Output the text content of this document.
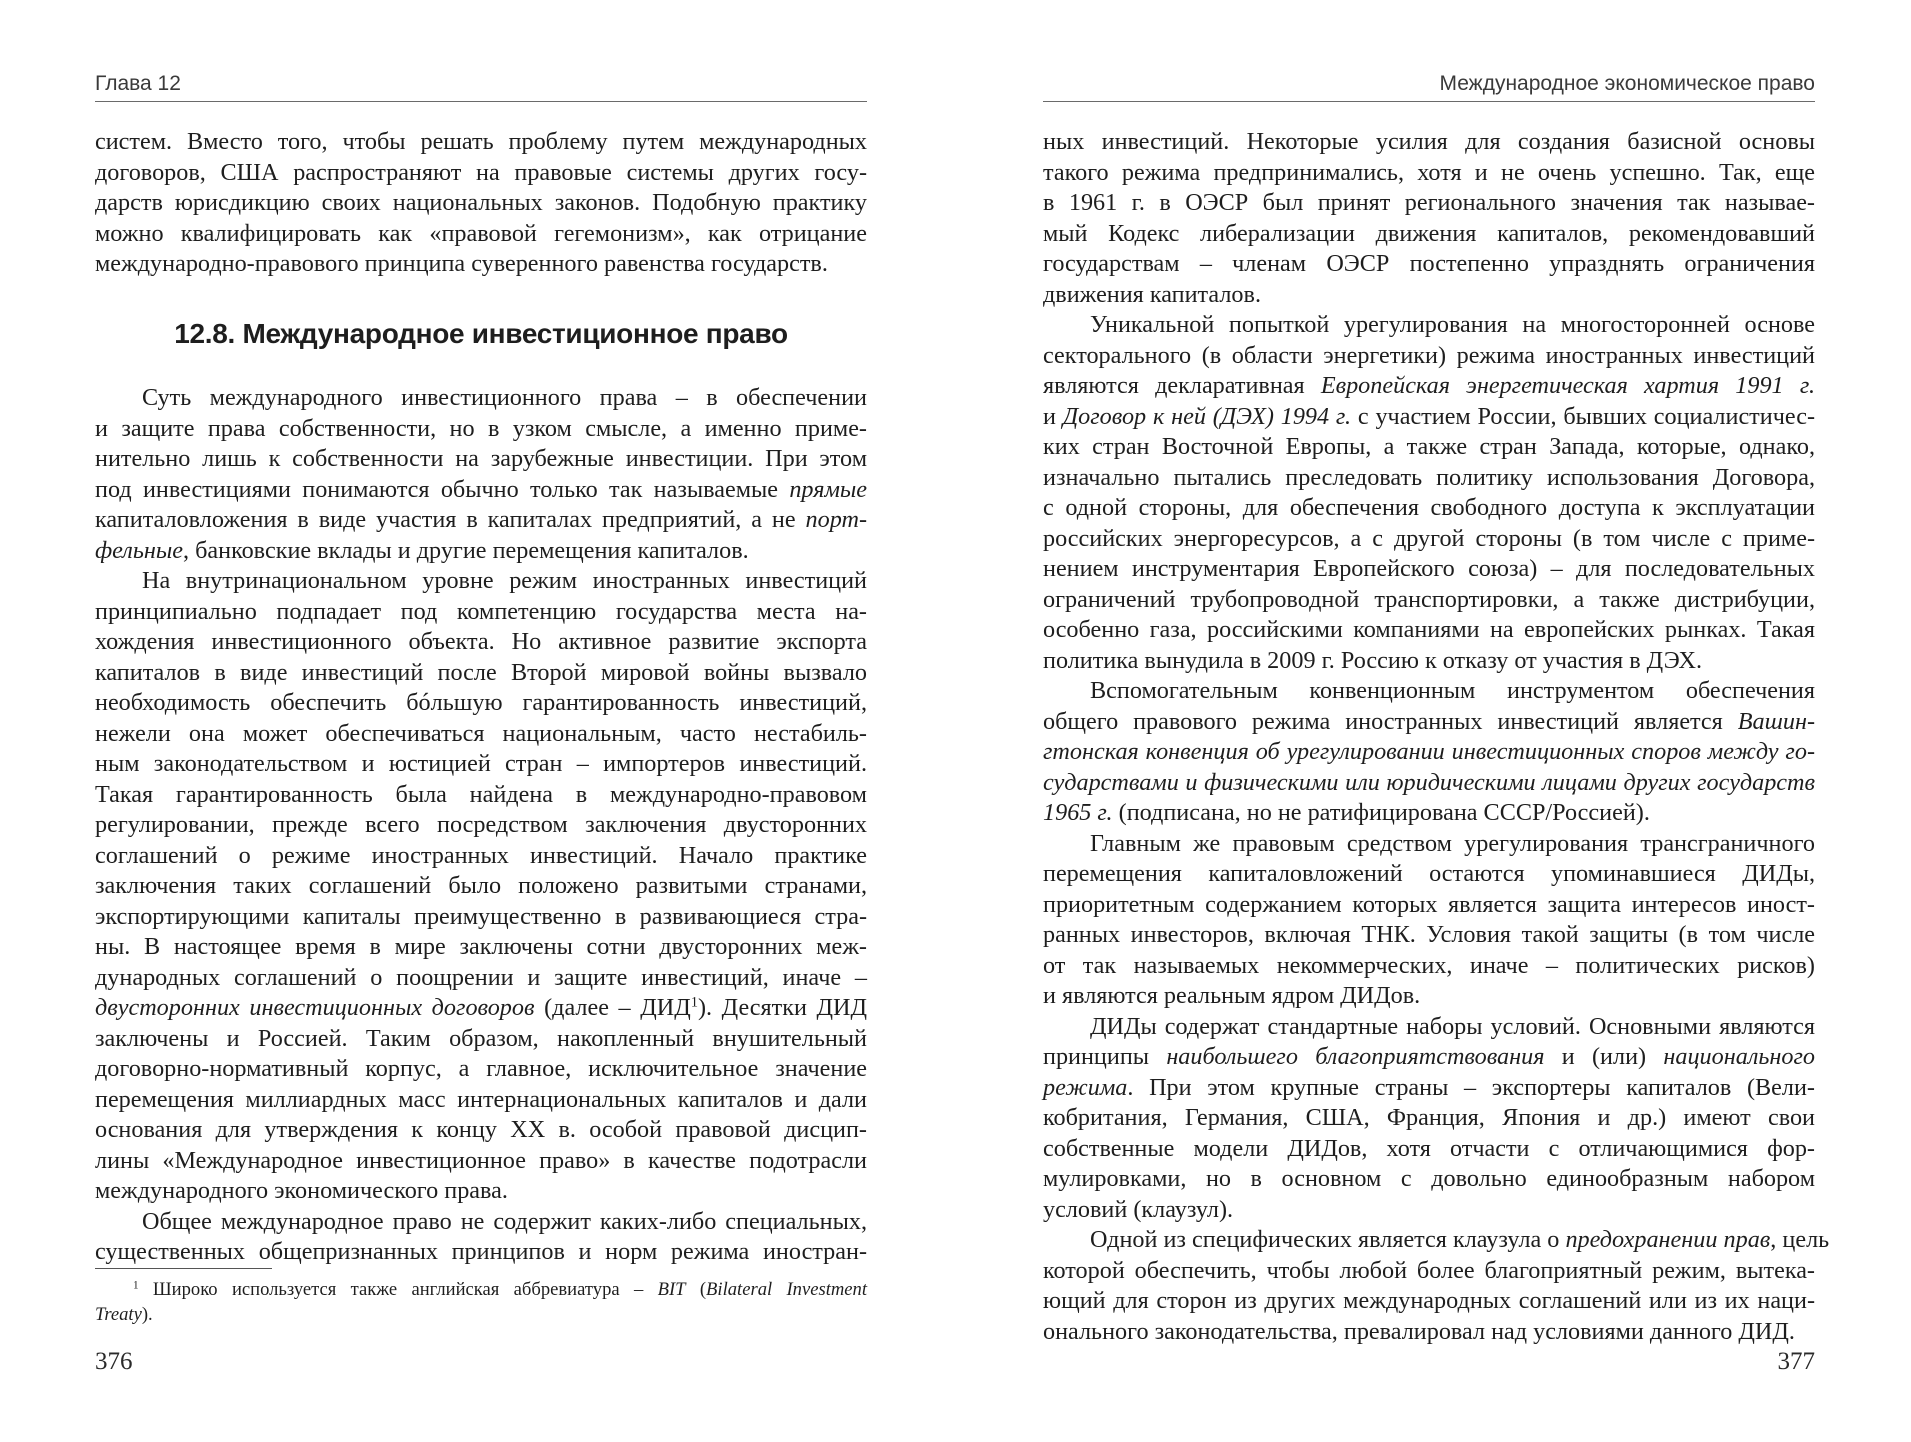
Глава 12

систем. Вместо того, чтобы решать проблему путем международных

договоров, США распространяют на правовые системы других госу-

дарств юрисдикцию своих национальных законов. Подобную практику

можно квалифицировать как «правовой гегемонизм», как отрицание

международно-правового принципа суверенного равенства государств.

12.8. Международное инвестиционное право

Суть международного инвестиционного права – в обеспечении

и защите права собственности, но в узком смысле, а именно приме-

нительно лишь к собственности на зарубежные инвестиции. При этом

под инвестициями понимаются обычно только так называемые прямые

капиталовложения в виде участия в капиталах предприятий, а не порт-

фельные, банковские вклады и другие перемещения капиталов.

На внутринациональном уровне режим иностранных инвестиций

принципиально подпадает под компетенцию государства места на-

хождения инвестиционного объекта. Но активное развитие экспорта

капиталов в виде инвестиций после Второй мировой войны вызвало

необходимость обеспечить бóльшую гарантированность инвестиций,

нежели она может обеспечиваться национальным, часто нестабиль-

ным законодательством и юстицией стран – импортеров инвестиций.

Такая гарантированность была найдена в международно-правовом

регулировании, прежде всего посредством заключения двусторонних

соглашений о режиме иностранных инвестиций. Начало практике

заключения таких соглашений было положено развитыми странами,

экспортирующими капиталы преимущественно в развивающиеся стра-

ны. В настоящее время в мире заключены сотни двусторонних меж-

дународных соглашений о поощрении и защите инвестиций, иначе –

двусторонних инвестиционных договоров (далее – ДИД$^1$). Десятки ДИД

заключены и Россией. Таким образом, накопленный внушительный

договорно-нормативный корпус, а главное, исключительное значение

перемещения миллиардных масс интернациональных капиталов и дали

основания для утверждения к концу XX в. особой правовой дисцип-

лины «Международное инвестиционное право» в качестве подотрасли

международного экономического права.

Общее международное право не содержит каких-либо специальных,

существенных общепризнанных принципов и норм режима иностран-

$^1$ Широко используется также английская аббревиатура – BIT (Bilateral Investment

Treaty).

376
Международное экономическое право

ных инвестиций. Некоторые усилия для создания базисной основы

такого режима предпринимались, хотя и не очень успешно. Так, еще

в 1961 г. в ОЭСР был принят регионального значения так называе-

мый Кодекс либерализации движения капиталов, рекомендовавший

государствам – членам ОЭСР постепенно упразднять ограничения

движения капиталов.

Уникальной попыткой урегулирования на многосторонней основе

секторального (в области энергетики) режима иностранных инвестиций

являются декларативная Европейская энергетическая хартия 1991 г.

и Договор к ней (ДЭХ) 1994 г. с участием России, бывших социалистичес-

ких стран Восточной Европы, а также стран Запада, которые, однако,

изначально пытались преследовать политику использования Договора,

с одной стороны, для обеспечения свободного доступа к эксплуатации

российских энергоресурсов, а с другой стороны (в том числе с приме-

нением инструментария Европейского союза) – для последовательных

ограничений трубопроводной транспортировки, а также дистрибуции,

особенно газа, российскими компаниями на европейских рынках. Такая

политика вынудила в 2009 г. Россию к отказу от участия в ДЭХ.

Вспомогательным конвенционным инструментом обеспечения

общего правового режима иностранных инвестиций является Вашин-

гтонская конвенция об урегулировании инвестиционных споров между го-

сударствами и физическими или юридическими лицами других государств

1965 г. (подписана, но не ратифицирована СССР/Россией).

Главным же правовым средством урегулирования трансграничного

перемещения капиталовложений остаются упоминавшиеся ДИДы,

приоритетным содержанием которых является защита интересов иност-

ранных инвесторов, включая ТНК. Условия такой защиты (в том числе

от так называемых некоммерческих, иначе – политических рисков)

и являются реальным ядром ДИДов.

ДИДы содержат стандартные наборы условий. Основными являются

принципы наибольшего благоприятствования и (или) национального

режима. При этом крупные страны – экспортеры капиталов (Вели-

кобритания, Германия, США, Франция, Япония и др.) имеют свои

собственные модели ДИДов, хотя отчасти с отличающимися фор-

мулировками, но в основном с довольно единообразным набором

условий (клаузул).

Одной из специфических является клаузула о предохранении прав, цель

которой обеспечить, чтобы любой более благоприятный режим, вытека-

ющий для сторон из других международных соглашений или из их наци-

онального законодательства, превалировал над условиями данного ДИД.

377
